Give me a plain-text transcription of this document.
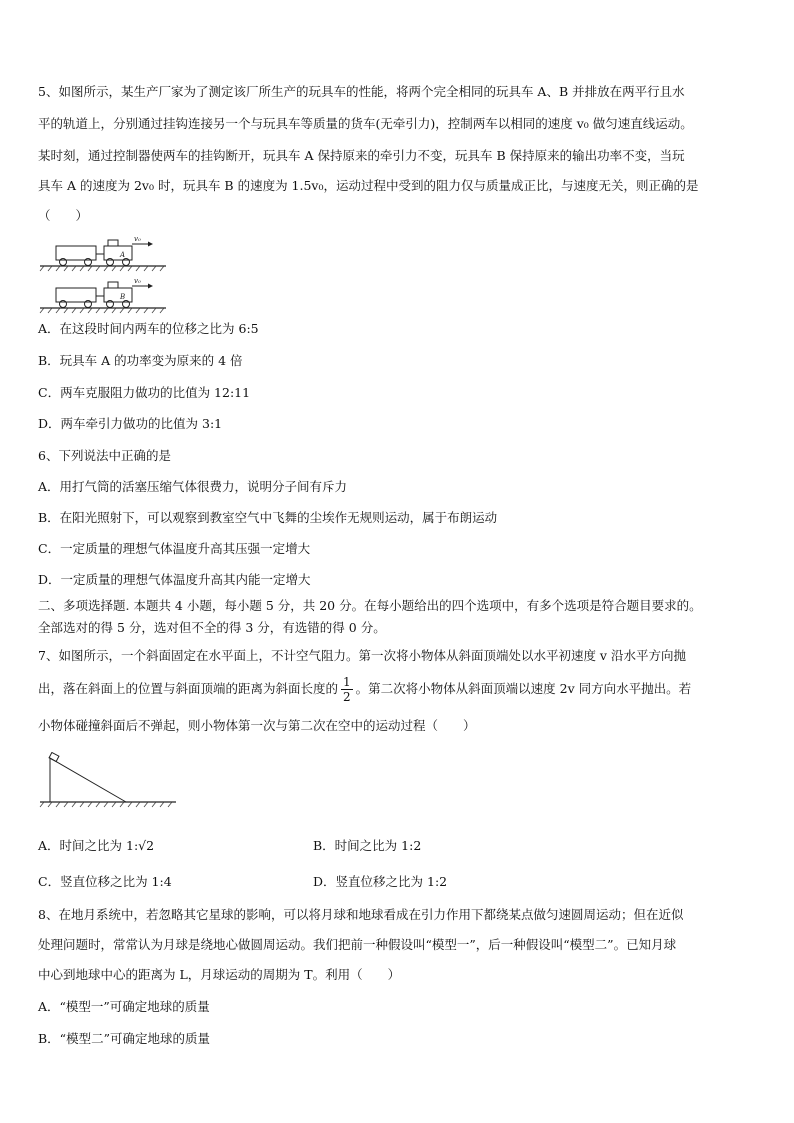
5、如图所示，某生产厂家为了测定该厂所生产的玩具车的性能，将两个完全相同的玩具车 A、B 并排放在两平行且水
平的轨道上，分别通过挂钩连接另一个与玩具车等质量的货车(无牵引力)，控制两车以相同的速度 v₀ 做匀速直线运动。
某时刻，通过控制器使两车的挂钩断开，玩具车 A 保持原来的牵引力不变，玩具车 B 保持原来的输出功率不变，当玩
具车 A 的速度为 2v₀ 时，玩具车 B 的速度为 1.5v₀，运动过程中受到的阻力仅与质量成正比，与速度无关，则正确的是
（　　）
A
v₀
B
v₀
A．在这段时间内两车的位移之比为 6:5
B．玩具车 A 的功率变为原来的 4 倍
C．两车克服阻力做功的比值为 12:11
D．两车牵引力做功的比值为 3:1
6、下列说法中正确的是
A．用打气筒的活塞压缩气体很费力，说明分子间有斥力
B．在阳光照射下，可以观察到教室空气中飞舞的尘埃作无规则运动，属于布朗运动
C．一定质量的理想气体温度升高其压强一定增大
D．一定质量的理想气体温度升高其内能一定增大
二、多项选择题. 本题共 4 小题，每小题 5 分，共 20 分。在每小题给出的四个选项中，有多个选项是符合题目要求的。
全部选对的得 5 分，选对但不全的得 3 分，有选错的得 0 分。
7、如图所示，一个斜面固定在水平面上，不计空气阻力。第一次将小物体从斜面顶端处以水平初速度 v 沿水平方向抛
出，落在斜面上的位置与斜面顶端的距离为斜面长度的 $\frac{1}{2}$ 。第二次将小物体从斜面顶端以速度 2v 同方向水平抛出。若
小物体碰撞斜面后不弹起，则小物体第一次与第二次在空中的运动过程（　　）
A．时间之比为 1:√2	B．时间之比为 1:2
C．竖直位移之比为 1:4	D．竖直位移之比为 1:2
8、在地月系统中，若忽略其它星球的影响，可以将月球和地球看成在引力作用下都绕某点做匀速圆周运动；但在近似
处理问题时，常常认为月球是绕地心做圆周运动。我们把前一种假设叫“模型一”，后一种假设叫“模型二”。已知月球
中心到地球中心的距离为 L，月球运动的周期为 T。利用（　　）
A．“模型一”可确定地球的质量
B．“模型二”可确定地球的质量
